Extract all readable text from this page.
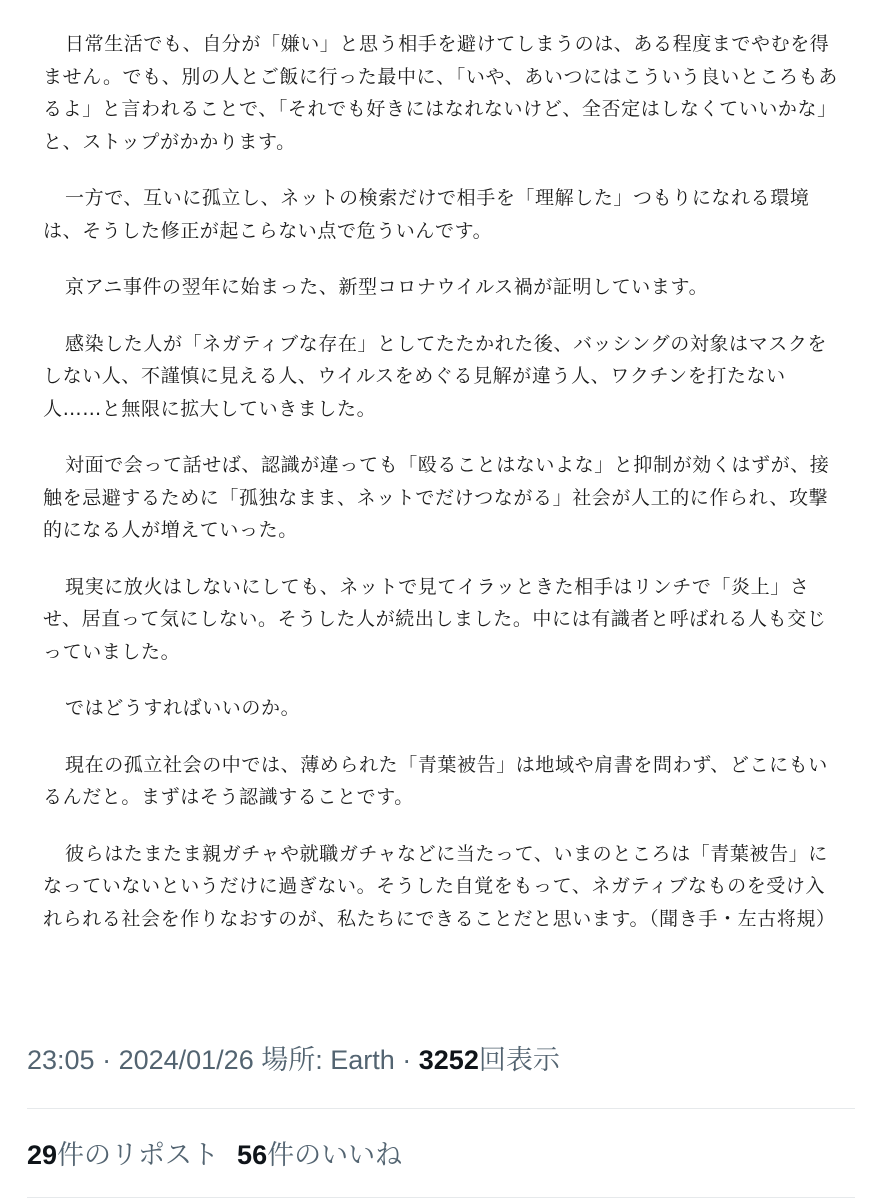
日常生活でも、自分が「嫌い」と思う相手を避けてしまうのは、ある程度までやむを得ません。でも、別の人とご飯に行った最中に、「いや、あいつにはこういう良いところもあるよ」と言われることで、「それでも好きにはなれないけど、全否定はしなくていいかな」と、ストップがかかります。

一方で、互いに孤立し、ネットの検索だけで相手を「理解した」つもりになれる環境は、そうした修正が起こらない点で危ういんです。

京アニ事件の翌年に始まった、新型コロナウイルス禍が証明しています。

感染した人が「ネガティブな存在」としてたたかれた後、バッシングの対象はマスクをしない人、不謹慎に見える人、ウイルスをめぐる見解が違う人、ワクチンを打たない人……と無限に拡大していきました。

対面で会って話せば、認識が違っても「殴ることはないよな」と抑制が効くはずが、接触を忌避するために「孤独なまま、ネットでだけつながる」社会が人工的に作られ、攻撃的になる人が増えていった。

現実に放火はしないにしても、ネットで見てイラッときた相手はリンチで「炎上」させ、居直って気にしない。そうした人が続出しました。中には有識者と呼ばれる人も交じっていました。

ではどうすればいいのか。

現在の孤立社会の中では、薄められた「青葉被告」は地域や肩書を問わず、どこにもいるんだと。まずはそう認識することです。

彼らはたまたま親ガチャや就職ガチャなどに当たって、いまのところは「青葉被告」になっていないというだけに過ぎない。そうした自覚をもって、ネガティブなものを受け入れられる社会を作りなおすのが、私たちにできることだと思います。（聞き手・左古将規）

23:05 · 2024/01/26 場所: Earth · 3252回表示
29件のリポスト 56件のいいね
